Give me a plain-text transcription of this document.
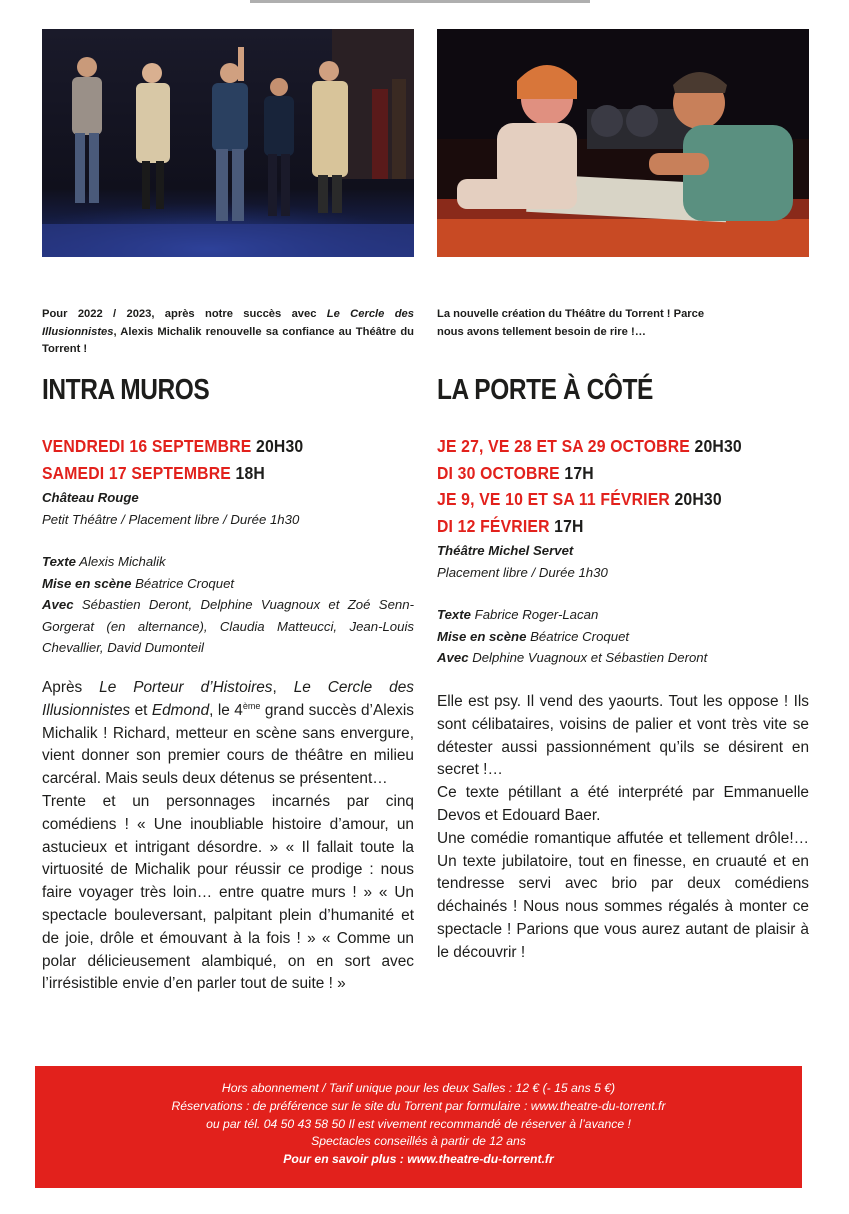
Pour 2022 / 2023, après notre succès avec Le Cercle des Illusionnistes, Alexis Michalik renouvelle sa confiance au Théâtre du Torrent !
INTRA MUROS
VENDREDI 16 SEPTEMBRE 20H30
SAMEDI 17 SEPTEMBRE 18H
Château Rouge
Petit Théâtre / Placement libre / Durée 1h30
Texte Alexis Michalik
Mise en scène Béatrice Croquet
Avec Sébastien Deront, Delphine Vuagnoux et Zoé Senn-Gorgerat (en alternance), Claudia Matteucci, Jean-Louis Chevallier, David Dumonteil

Après Le Porteur d’Histoires, Le Cercle des Illusionnistes et Edmond, le 4ème grand succès d’Alexis Michalik ! Richard, metteur en scène sans envergure, vient donner son premier cours de théâtre en milieu carcéral. Mais seuls deux détenus se présentent…

Trente et un personnages incarnés par cinq comédiens ! « Une inoubliable histoire d’amour, un astucieux et intrigant désordre. » « Il fallait toute la virtuosité de Michalik pour réussir ce prodige : nous faire voyager très loin… entre quatre murs ! » « Un spectacle bouleversant, palpitant plein d’humanité et de joie, drôle et émouvant à la fois ! » « Comme un polar délicieusement alambiqué, on en sort avec l’irrésistible envie d’en parler tout de suite ! »

La nouvelle création du Théâtre du Torrent ! Parce nous avons tellement besoin de rire !…
LA PORTE À CÔTÉ
JE 27, VE 28 ET SA 29 OCTOBRE 20H30
DI 30 OCTOBRE 17H
JE 9, VE 10 ET SA 11 FÉVRIER 20H30
DI 12 FÉVRIER 17H
Théâtre Michel Servet
Placement libre / Durée 1h30
Texte Fabrice Roger-Lacan
Mise en scène Béatrice Croquet
Avec Delphine Vuagnoux et Sébastien Deront

Elle est psy. Il vend des yaourts. Tout les oppose ! Ils sont célibataires, voisins de palier et vont très vite se détester aussi passionnément qu’ils se désirent en secret !…

Ce texte pétillant a été interprété par Emmanuelle Devos et Edouard Baer.

Une comédie romantique affutée et tellement drôle!… Un texte jubilatoire, tout en finesse, en cruauté et en tendresse servi avec brio par deux comédiens déchainés ! Nous nous sommes régalés à monter ce spectacle ! Parions que vous aurez autant de plaisir à le découvrir !

Hors abonnement / Tarif unique pour les deux Salles : 12 € (- 15 ans 5 €)
Réservations : de préférence sur le site du Torrent par formulaire : www.theatre-du-torrent.fr
ou par tél. 04 50 43 58 50 Il est vivement recommandé de réserver à l’avance !
Spectacles conseillés à partir de 12 ans
Pour en savoir plus : www.theatre-du-torrent.fr
